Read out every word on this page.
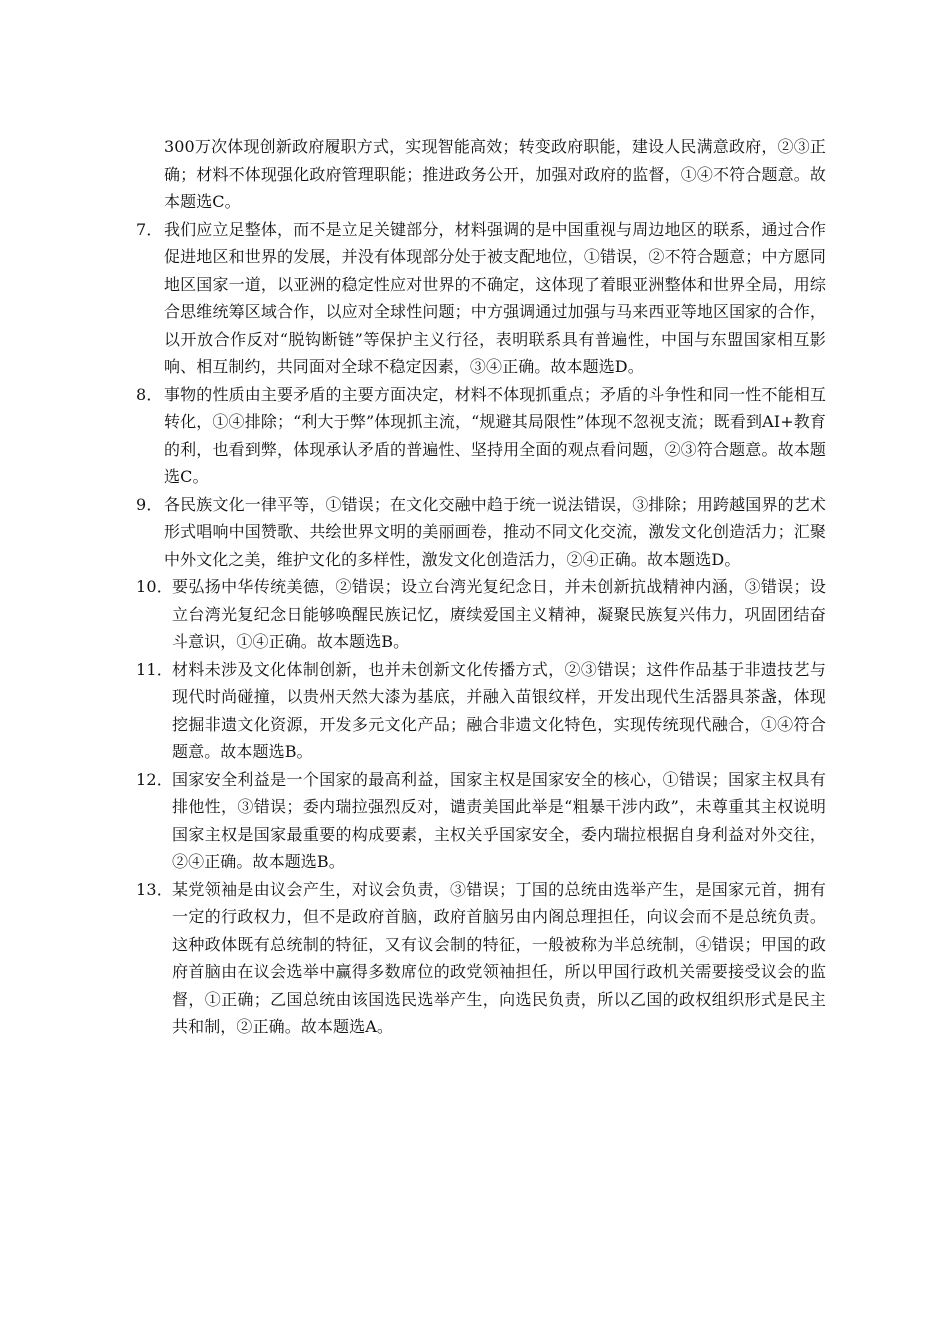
300万次体现创新政府履职方式，实现智能高效；转变政府职能，建设人民满意政府，②③正确；材料不体现强化政府管理职能；推进政务公开，加强对政府的监督，①④不符合题意。故本题选C。
7． 我们应立足整体，而不是立足关键部分，材料强调的是中国重视与周边地区的联系，通过合作促进地区和世界的发展，并没有体现部分处于被支配地位，①错误，②不符合题意；中方愿同地区国家一道，以亚洲的稳定性应对世界的不确定，这体现了着眼亚洲整体和世界全局，用综合思维统筹区域合作，以应对全球性问题；中方强调通过加强与马来西亚等地区国家的合作，以开放合作反对“脱钩断链”等保护主义行径，表明联系具有普遍性，中国与东盟国家相互影响、相互制约，共同面对全球不稳定因素，③④正确。故本题选D。
8． 事物的性质由主要矛盾的主要方面决定，材料不体现抓重点；矛盾的斗争性和同一性不能相互转化，①④排除；“利大于弊”体现抓主流，“规避其局限性”体现不忽视支流；既看到AI+教育的利，也看到弊，体现承认矛盾的普遍性、坚持用全面的观点看问题，②③符合题意。故本题选C。
9． 各民族文化一律平等，①错误；在文化交融中趋于统一说法错误，③排除；用跨越国界的艺术形式唱响中国赞歌、共绘世界文明的美丽画卷，推动不同文化交流，激发文化创造活力；汇聚中外文化之美，维护文化的多样性，激发文化创造活力，②④正确。故本题选D。
10． 要弘扬中华传统美德，②错误；设立台湾光复纪念日，并未创新抗战精神内涵，③错误；设立台湾光复纪念日能够唤醒民族记忆，赓续爱国主义精神，凝聚民族复兴伟力，巩固团结奋斗意识，①④正确。故本题选B。
11． 材料未涉及文化体制创新，也并未创新文化传播方式，②③错误；这件作品基于非遗技艺与现代时尚碰撞，以贵州天然大漆为基底，并融入苗银纹样，开发出现代生活器具茶盏，体现挖掘非遗文化资源，开发多元文化产品；融合非遗文化特色，实现传统现代融合，①④符合题意。故本题选B。
12． 国家安全利益是一个国家的最高利益，国家主权是国家安全的核心，①错误；国家主权具有排他性，③错误；委内瑞拉强烈反对，谴责美国此举是“粗暴干涉内政”，未尊重其主权说明国家主权是国家最重要的构成要素，主权关乎国家安全，委内瑞拉根据自身利益对外交往，②④正确。故本题选B。
13． 某党领袖是由议会产生，对议会负责，③错误；丁国的总统由选举产生，是国家元首，拥有一定的行政权力，但不是政府首脑，政府首脑另由内阁总理担任，向议会而不是总统负责。这种政体既有总统制的特征，又有议会制的特征，一般被称为半总统制，④错误；甲国的政府首脑由在议会选举中赢得多数席位的政党领袖担任，所以甲国行政机关需要接受议会的监督，①正确；乙国总统由该国选民选举产生，向选民负责，所以乙国的政权组织形式是民主共和制，②正确。故本题选A。
